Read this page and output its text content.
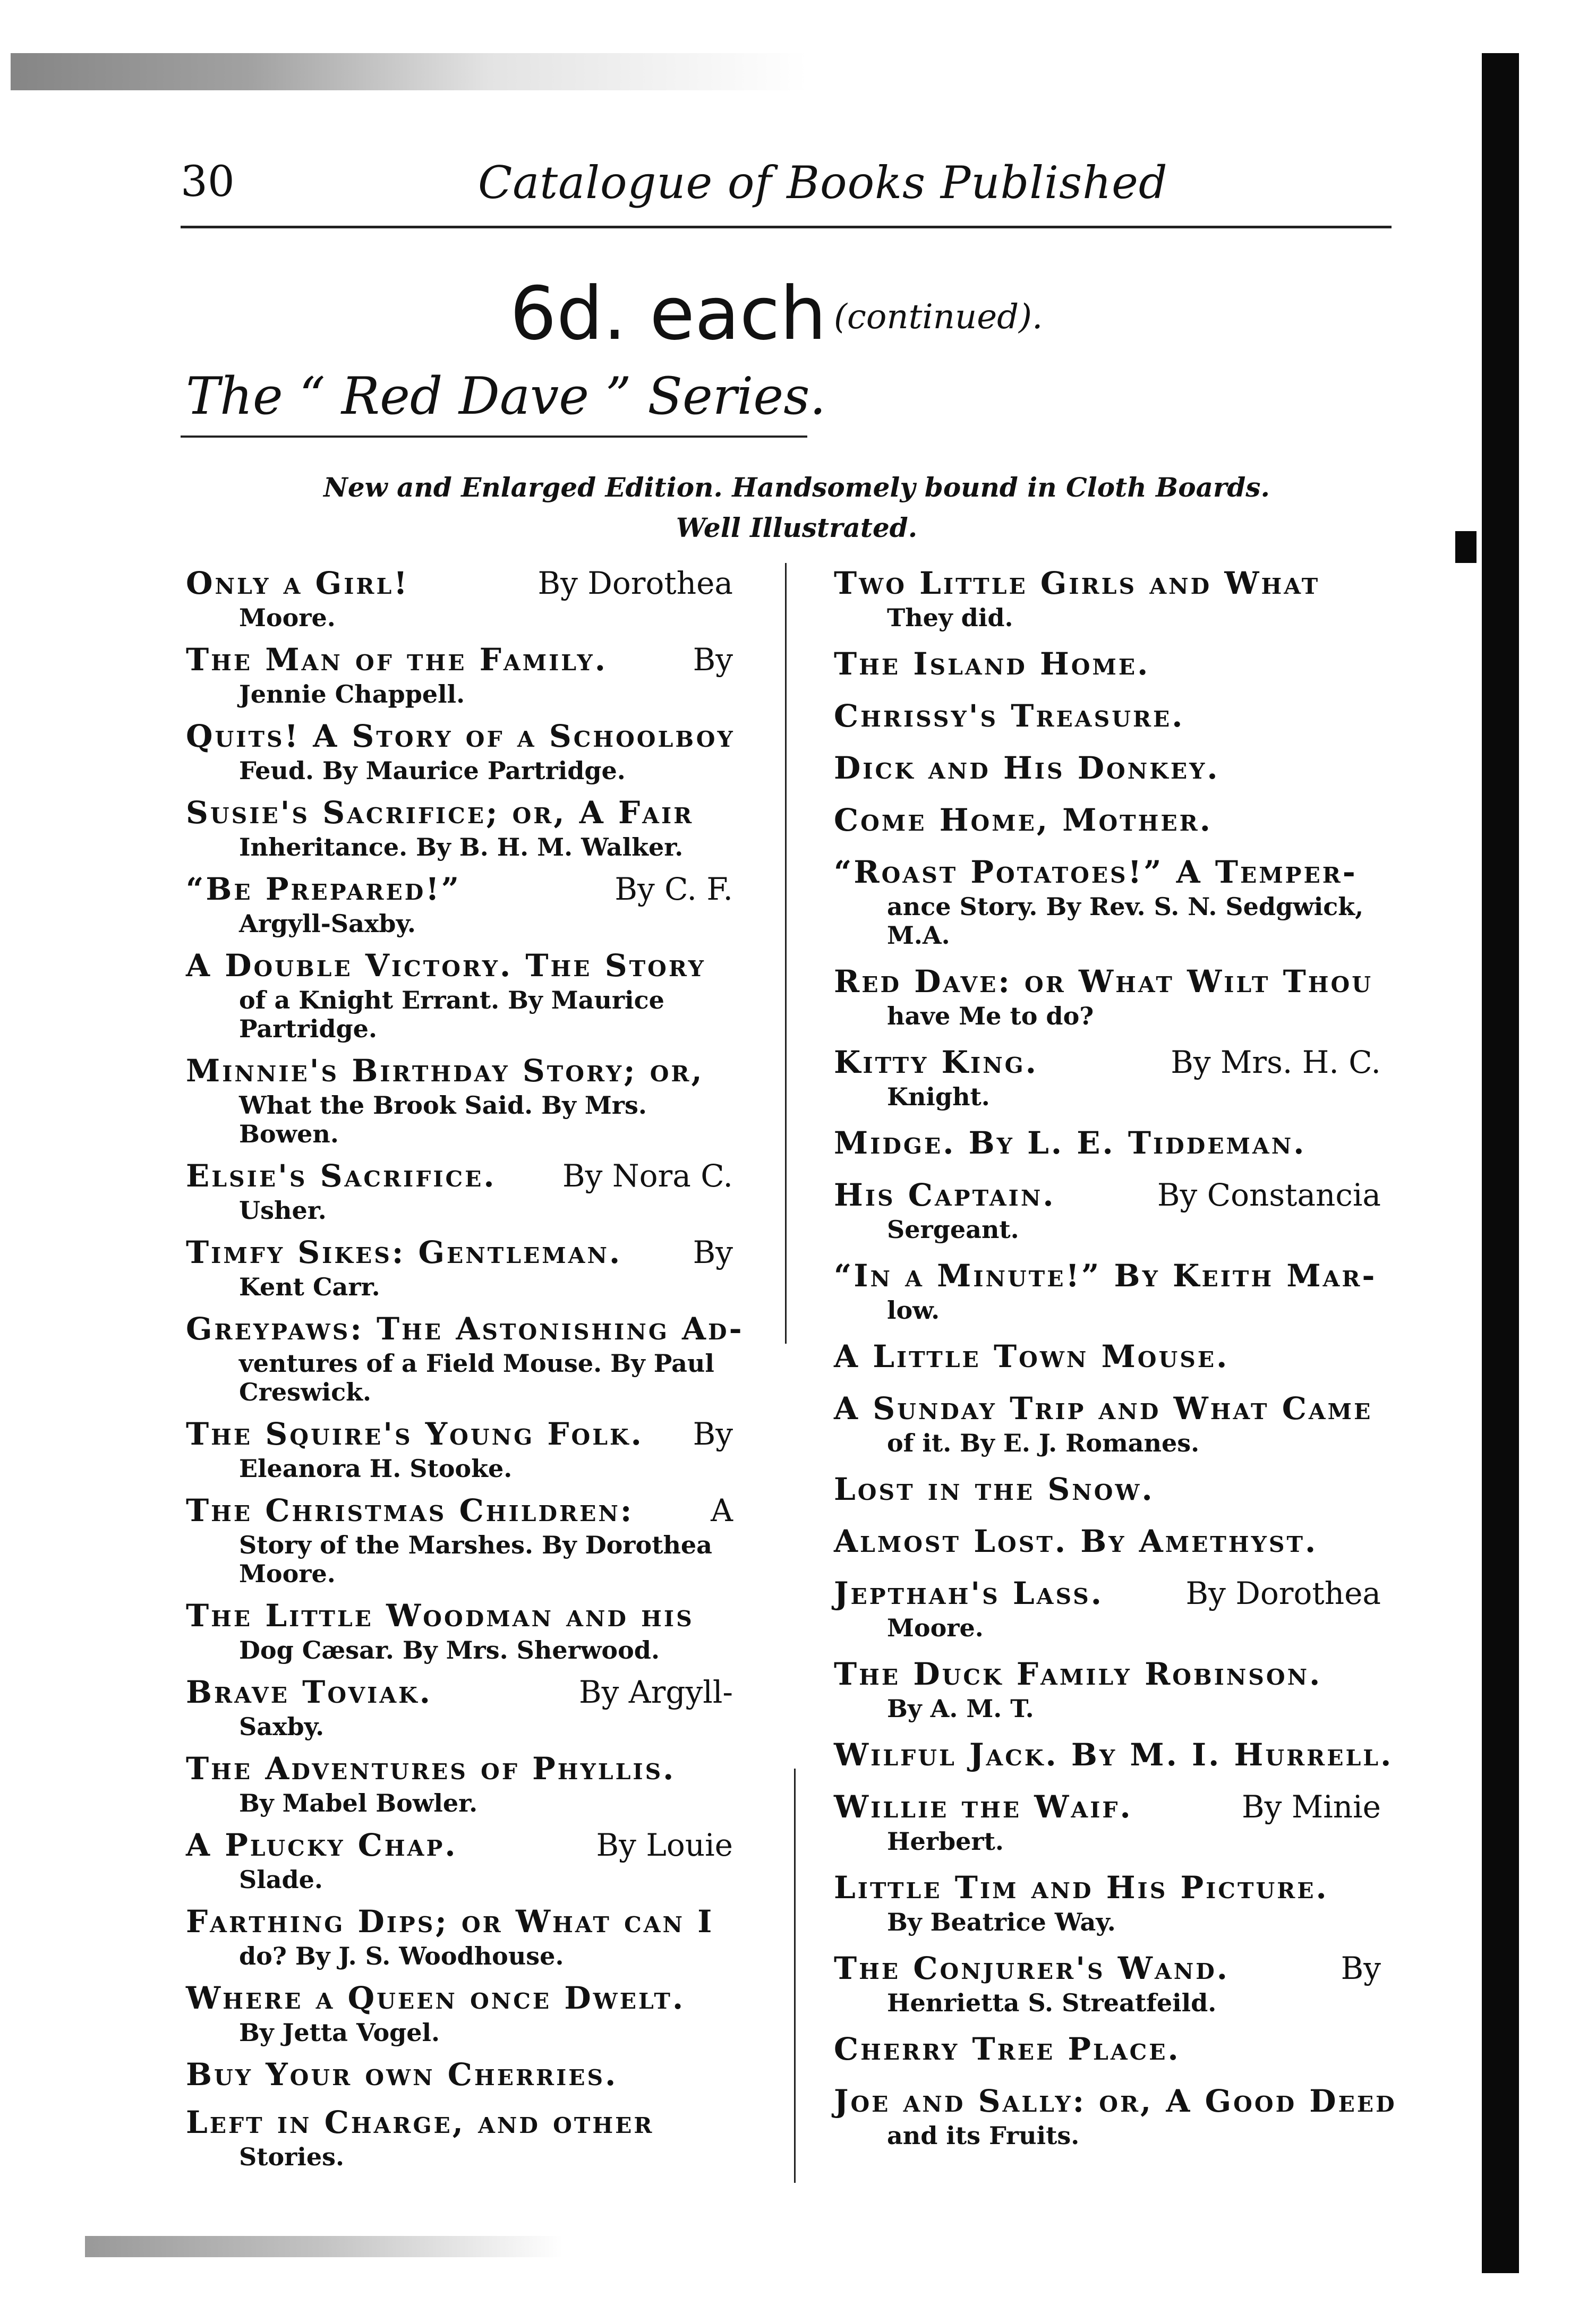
30	Catalogue of Books Published
6d. each (continued).
The “ Red Dave ” Series.
New and Enlarged Edition. Handsomely bound in Cloth Boards.
Well Illustrated.
Only a Girl!	By Dorothea
Moore.
The Man of the Family.	By
Jennie Chappell.
Quits! A Story of a Schoolboy
Feud. By Maurice Partridge.
Susie's Sacrifice; or, A Fair
Inheritance. By B. H. M. Walker.
“Be Prepared!”	By C. F.
Argyll-Saxby.
A Double Victory. The Story
of a Knight Errant. By Maurice Partridge.
Minnie's Birthday Story; or,
What the Brook Said. By Mrs. Bowen.
Elsie's Sacrifice. By Nora C.
Usher.
Timfy Sikes: Gentleman. By
Kent Carr.
Greypaws: The Astonishing Ad-
ventures of a Field Mouse. By Paul Creswick.
The Squire's Young Folk. By
Eleanora H. Stooke.
The Christmas Children: A
Story of the Marshes. By Dorothea Moore.
The Little Woodman and his
Dog Cæsar. By Mrs. Sherwood.
Brave Toviak.	By Argyll-
Saxby.
The Adventures of Phyllis.
By Mabel Bowler.
A Plucky Chap.	By Louie
Slade.
Farthing Dips; or What can I
do? By J. S. Woodhouse.
Where a Queen once Dwelt.
By Jetta Vogel.
Buy Your own Cherries.
Left in Charge, and other
Stories.
Two Little Girls and What
They did.
The Island Home.
Chrissy's Treasure.
Dick and His Donkey.
Come Home, Mother.
“Roast Potatoes!” A Temper-
ance Story. By Rev. S. N. Sedgwick, M.A.
Red Dave: or What Wilt Thou
have Me to do?
Kitty King.	By Mrs. H. C.
Knight.
Midge. By L. E. Tiddeman.
His Captain.	By Constancia
Sergeant.
“In a Minute!” By Keith Mar-
low.
A Little Town Mouse.
A Sunday Trip and What Came
of it. By E. J. Romanes.
Lost in the Snow.
Almost Lost. By Amethyst.
Jepthah's Lass.	By Dorothea
Moore.
The Duck Family Robinson.
By A. M. T.
Wilful Jack. By M. I. Hurrell.
Willie the Waif.	By Minie
Herbert.
Little Tim and His Picture.
By Beatrice Way.
The Conjurer's Wand.	By
Henrietta S. Streatfeild.
Cherry Tree Place.
Joe and Sally: or, A Good Deed
and its Fruits.
